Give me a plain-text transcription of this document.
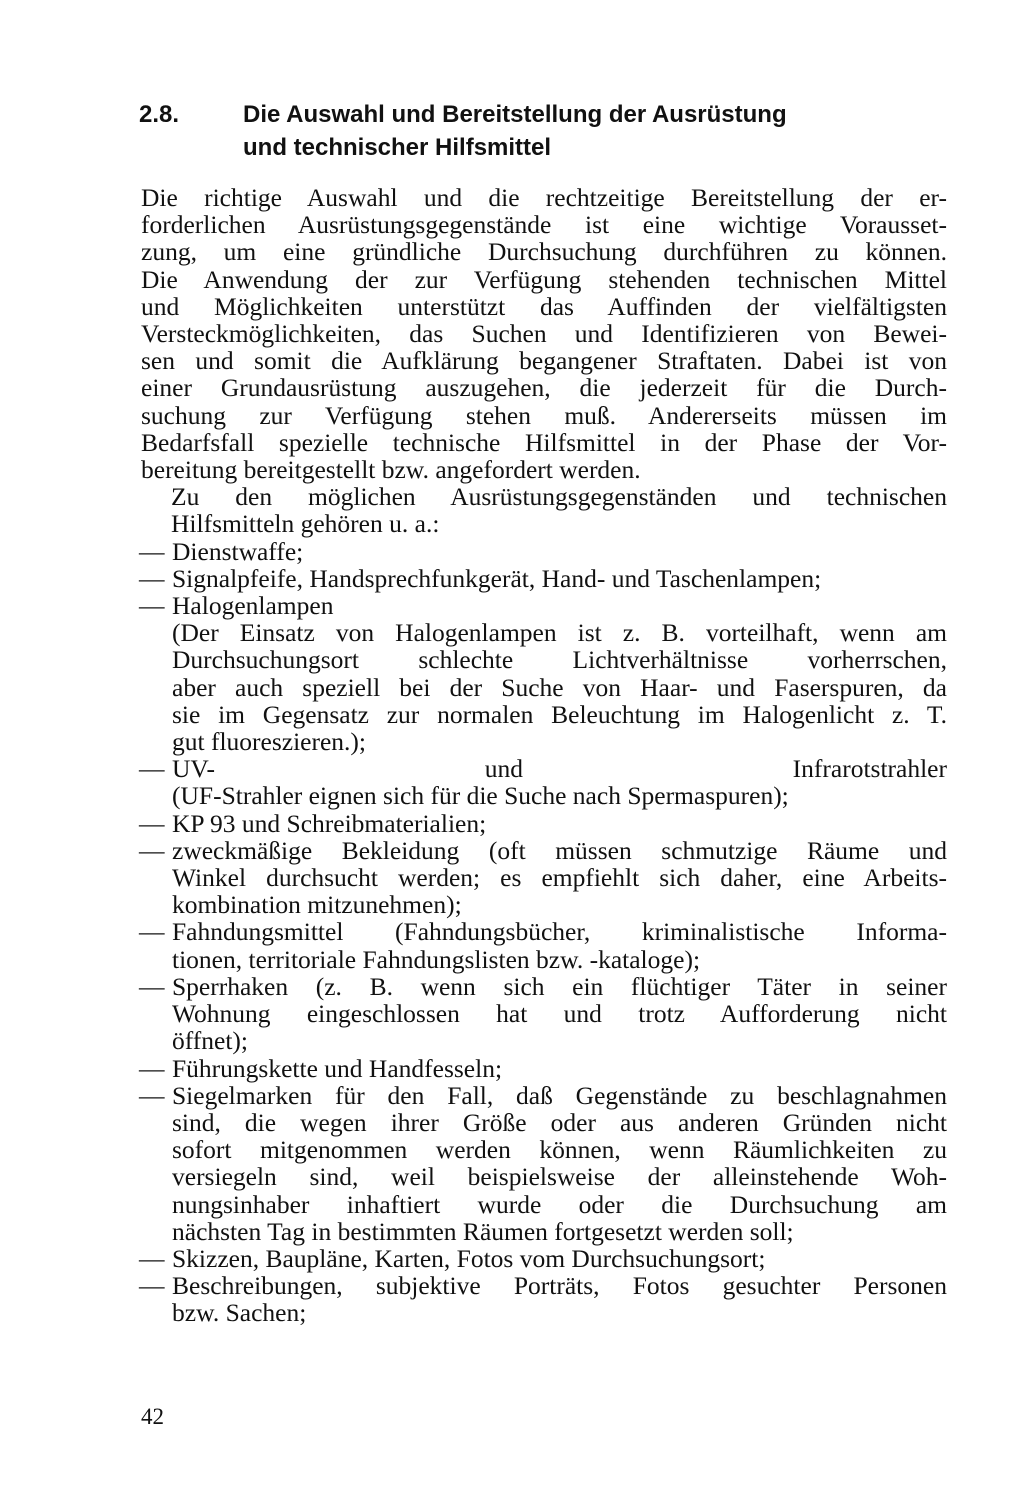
2.8.	Die Auswahl und Bereitstellung der Ausrüstung
und technischer Hilfsmittel

Die richtige Auswahl und die rechtzeitige Bereitstellung der er-

forderlichen Ausrüstungsgegenstände ist eine wichtige Vorausset-

zung, um eine gründliche Durchsuchung durchführen zu können.

Die Anwendung der zur Verfügung stehenden technischen Mittel

und Möglichkeiten unterstützt das Auffinden der vielfältigsten

Versteckmöglichkeiten, das Suchen und Identifizieren von Bewei-

sen und somit die Aufklärung begangener Straftaten. Dabei ist von

einer Grundausrüstung auszugehen, die jederzeit für die Durch-

suchung zur Verfügung stehen muß. Andererseits müssen im

Bedarfsfall spezielle technische Hilfsmittel in der Phase der Vor-

bereitung bereitgestellt bzw. angefordert werden.

Zu den möglichen Ausrüstungsgegenständen und technischen

Hilfsmitteln gehören u. a.:

— Dienstwaffe;

— Signalpfeife, Handsprechfunkgerät, Hand- und Taschenlampen;

— Halogenlampen

(Der Einsatz von Halogenlampen ist z. B. vorteilhaft, wenn am

Durchsuchungsort schlechte Lichtverhältnisse vorherrschen,

aber auch speziell bei der Suche von Haar- und Faserspuren, da

sie im Gegensatz zur normalen Beleuchtung im Halogenlicht z. T.

gut fluoreszieren.);

— UV- und Infrarotstrahler

(UF-Strahler eignen sich für die Suche nach Spermaspuren);

— KP 93 und Schreibmaterialien;

— zweckmäßige Bekleidung (oft müssen schmutzige Räume und

Winkel durchsucht werden; es empfiehlt sich daher, eine Arbeits-

kombination mitzunehmen);

— Fahndungsmittel (Fahndungsbücher, kriminalistische Informa-

tionen, territoriale Fahndungslisten bzw. -kataloge);

— Sperrhaken (z. B. wenn sich ein flüchtiger Täter in seiner

Wohnung eingeschlossen hat und trotz Aufforderung nicht

öffnet);

— Führungskette und Handfesseln;

— Siegelmarken für den Fall, daß Gegenstände zu beschlagnahmen

sind, die wegen ihrer Größe oder aus anderen Gründen nicht

sofort mitgenommen werden können, wenn Räumlichkeiten zu

versiegeln sind, weil beispielsweise der alleinstehende Woh-

nungsinhaber inhaftiert wurde oder die Durchsuchung am

nächsten Tag in bestimmten Räumen fortgesetzt werden soll;

— Skizzen, Baupläne, Karten, Fotos vom Durchsuchungsort;

— Beschreibungen, subjektive Porträts, Fotos gesuchter Personen

bzw. Sachen;

42
